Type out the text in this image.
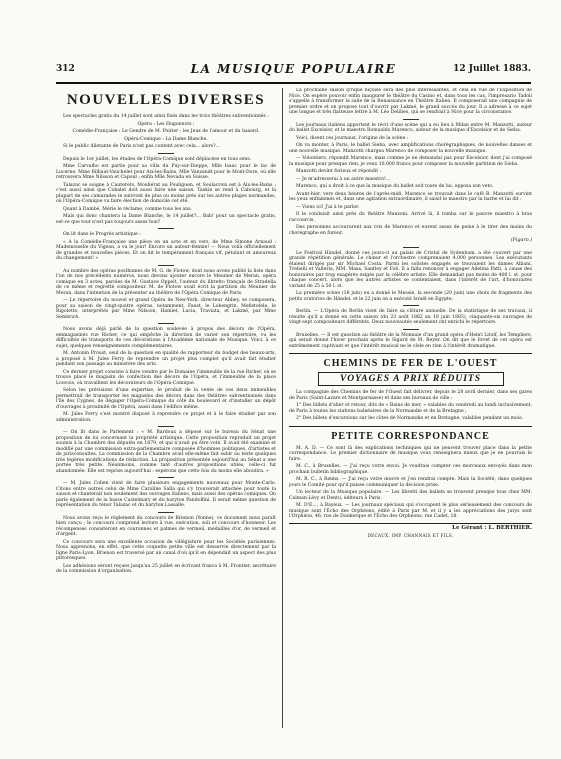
312	LA MUSIQUE POPULAIRE	12 Juillet 1883.
NOUVELLES DIVERSES

Les spectacles gratis du 14 juillet sont ainsi fixés dans les trois théâtres subventionnés :

Opéra : Les Huguenots ;

Comédie-Française : Le Gendre de M. Poirier ; les Jeux de l'amour et du hasard.

Opéra-Comique : La Dame Blanche.

Si le public diletante de Paris n'est pas content avec cela... alors?...

Depuis le 1er juillet, les études de l'Opéra-Comique sont déplacées en tous sens.

Mme Carvalho est partie pour sa villa du Puy-sur-Dieppe, Mlle Isaac pour le lac de Lucerne, Mme Bilbaut-Vauchelet pour Aix-les-Bains, Mlle Vanzandt pour le Mont-Dore, où elle retrouvera Mme Nilsson et Capoul ; enfin Mlle Nevada en Suisse.

Talazac se soigne à Cauterets, Mouliérat au Pouliguen, et Soulacroix est à Aix-les-Bains ; c'est aussi ainsi que Cobalet doit aussi faire une saison. Taskin se rend à Cabourg, et la plupart de ses camarades le suivront de plus ou moins près sur les autres plages normandes, où l'Opéra-Comique va faire élection de domicile cet été.

Quant à Dambé, Mérie le réclame, comme tous les ans.

Mais qui donc chantera la Dame Blanche, le 14 juillet?... Bah! pour un spectacle gratis, est-ce que tout n'est pas toujours assez bon?

On lit dans le Progrès artistique :

« A la Comédie-Française une pièce en un acte et en vers, de Mme Simone Arnaud : Mademoiselle du Vigean, a vu le jour! Encore un auteur-femme! — Nous voilà officiellement de grandes et nouvelles pièces. Et on dit le tempérament français vif, pétulant et amoureux du changement! »

Au nombre des opéras posthumes de M. G. de Flotow, dont nous avons publié la liste dans l'un de nos précédents numéros, nous devons ajouter encore le Meunier de Meran, opéra comique en 3 actes, paroles de M. Gustave Oppelt, l'auteur du libretto français de Stradella de ce même et regretté compositeur. M. de Flotow avait écrit la partition du Meunier de Meran, dans l'intention de la présenter au théâtre de l'Opéra Comique de Paris.

— Le répertoire du nouvel et grand Opéra de New-York, directeur Abbey, se composera, pour sa saison de vingt-quatre opéras, notamment, Faust, le Lohengrin, Mefistofele, le Rigoletto, interprétés par Mme Nilsson, Hamlet, Lucia, Traviata, et Lakmé, par Mme Sembrich.

Nous avons déjà parlé de la question soulevée à propos des décors de l'Opéra, emmagasinés rue Richer, ce qui empêche la direction de varier son répertoire, vu les difficultés de transports de ces décorations à l'Académie nationale de Musique. Voici, à ce sujet, quelques renseignements complémentaires.

M. Antonin Proust, seul de la question en qualité de rapporteur du budget des beaux-arts, a proposé à M. Jules Ferry de reprendre un projet plus complet qu'il avait fait étudier pendant son passage au ministère des arts.

Ce dernier projet consiste à faire vendre par le Domaine l'immeuble de la rue Richer, où se trouve placé le magasin de confection des décors de l'Opéra, et l'immeuble de la place Louvois, où travaillent les décorateurs de l'Opéra-Comique.

Selon les prévisions d'une expertise, le produit de la vente de ces deux immeubles permettrait de transporter les magasins des décors dans des théâtres subventionnés dans l'île des Cygnes, de dégager l'Opéra-Comique du côté du boulevard et d'installer un dépôt d'ouvrages à proximité de l'Opéra, aussi dans l'édifice même.

M. Jules Ferry s'est montré disposé à reprendre ce projet et à le faire étudier par son administration.

— On lit dans le Parlement : « M. Bardoux a déposé sur le bureau du Sénat une proposition de loi concernant la propriété artistique. Cette proposition reproduit un projet soumis à la Chambre des députés en 1879, et qui n'avait pu être voté. Il avait été examiné et modifié par une commission extra-parlementaire composée d'hommes politiques, d'artistes et de jurisconsultes. La commission de la Chambre avait elle-même fait subir au texte quelques très légères modifications de rédaction. La proposition présentée aujourd'hui au Sénat a une portée très petite. Néanmoins, comme tant d'autres propositions utiles, celle-ci fut abandonnée. Elle est reprise aujourd'hui : espérons que cette fois du moins elle aboutira. »

— M. Jules Cohen vient de faire plusieurs engagements nouveaux pour Monte-Carlo. Citons entre autres celui de Mme Caroline Salla qui s'y trouverait attachée pour toute la saison et chanterait non seulement des ouvrages italiens, mais aussi des opéras comiques. On parle également de la basse Castelmary et du baryton Pandolfini. Il serait même question de représentation du ténor Talazac et du baryton Lassalle.

Nous avons reçu le règlement du concours de Brienon (Yonne), ce document nous paraît bien conçu ; le concours comprend lecture à vue, exécution, soli et concours d'honneur. Les récompenses consisteront en couronnes et palmes de vermeil, médailles d'or, de vermeil et d'argent.

Ce concours sera une excellente occasion de villégiature pour les Sociétés parisiennes. Nous apprenons, en effet, que cette coquette petite ville est desservie directement par la ligne Paris-Lyon. Brienon est traversé par un canal d'où qu'il en dépendait un aspect des plus pittoresques.

Les adhésions seront reçues jusqu'au 25 juillet en écrivant franco à M. Frontier, secrétaire de la commission d'organisation.

La prochaine saison lyrique niçoise sera des plus intéressantes, et cela en vue de l'Exposition de Nice. On espère pouvoir enfin inaugurer le théâtre du Casino et, dans tous les cas, l'impresario Tadoli s'appelle à transformer la salle de la Renaissance en Théâtre Italien. Il composerait une compagnie de premier ordre et on propose tout d'ouvrir par Lakmé, le grand succès du jour. Il a adressé à ce sujet une longue et très flatteuse lettre à M. Léo Delibes, qui se rendrait à Nice pour la circonstance.

Les journaux italiens apportent le récit d'une scène qui a eu lieu à Milan entre M. Manzotti, auteur du ballet Excelsior, et le maestro Romualdo Marenco, auteur de la musique d'Excelsior et de Sieba.

Voici, disent ces journaux, l'origine de la scène :

On va monter, à Paris, le ballet Sieba, avec amplifications chorégraphiques, de nouvelles danses et une nouvelle musique. Manzotti chargea Marenco de composer la nouvelle musique.

— Volontiers, répondit Marenco, mais comme je ne demandai pas pour Excelsior, dont j'ai composé la musique pour presque rien, je veux 10,000 francs pour composer la nouvelle partition de Sieba.

Manzotti devint furieux et répondit :

— Je m'adresserai à un autre maestro!...

Marenco, qui a droit à ce que la musique du ballet soit toute de lui, opposa son veto.

Avant-hier, vers deux heures de l'après-midi, Marenco se trouvait dans le café B. Manzotti survint les yeux enflammés et, dans une agitation extraordinaire, il saisit le maestro par la barbe et lui dit :

— Viens ici! J'ai à te parler.

Il le conduisit ainsi près du théâtre Manzoni. Arrivé là, il tomba sur le pauvre maestro à bras raccourcis.

Des personnes accoururent aux cris de Marenco et eurent assez de peine à le tirer des mains du chorégraphe en fureur.

(Figaro.)

Le Festival Händel, donné ces jours-ci au palais de Cristal de Sydenham, a été couvert par une grande répétition générale. Le chœur et l'orchestre comprenaient 4,000 personnes. Les exécutants étaient dirigés par sir Michael Costa. Parmi les solistes engagés se trouvaient les dames Albani, Trebelli et Valleria, MM. Maas, Santley et Foli. Il a fallu renoncer à engager Adelina Patti, à cause des honoraires par trop exagérés exigés par la célèbre artiste. Elle demandait pas moins de 400 l. st. pour chaque concert, alors que les autres artistes se contentaient, dans l'intérêt de l'art, d'honoraires variant de 25 à 50 l. st.

La première scène (18 juin) eu a donné le Messie, la seconde (20 juin) une choix de fragments des petits oratorios de Händel, et le 22 juin on a exécuté Israël en Egypte.

Berlin. — L'Opéra de Berlin vient de faire sa clôture annuelle. De la statistique de ses travaux, il résulte qu'il a donné en cette saison (du 23 août 1882 au 18 juin 1883), cinquante-six ouvrages de vingt-sept compositeurs différents. Deux nouveautés seulement ont enrichi le répertoire.

Bruxelles. — Il est question au théâtre de la Monnaie d'un grand opéra d'Henri Litolf, les Templiers, qui serait donné l'hiver prochain après le Sigurd de M. Reyer. On dit que le livret de cet opéra est extrêmement captivant et que l'intérêt musical ne le cède en rien à l'intérêt dramatique.

CHEMINS DE FER DE L'OUEST
VOYAGES A PRIX RÉDUITS

La compagnie des Chemins de fer de l'Ouest fait délivrer, depuis le 28 avril dernier, dans ses gares de Paris (Saint-Lazare et Montparnasse) et dans ses bureaux de ville :

1° Des billets d'aller et retour, dits de « Bains de mer, » valables du vendredi au lundi inclusivement, de Paris à toutes les stations balnéaires de la Normandie et de la Bretagne ;

2° Des billets d'excursions sur les côtes de Normandie et en Bretagne, valables pendant un mois.

PETITE CORRESPONDANCE

M. A. D. — Ce sont là des explications techniques qui ne peuvent trouver place dans la petite correspondance. Le premier dictionnaire de musique vous renseignera mieux que je ne pourrais le faire.

M. C., à Bruxelles. — J'ai reçu votre envoi. Je voudrais compter ces morceaux envoyés dans mon prochain bulletin bibliographique.

M. R. C., à Reims. — J'ai reçu votre œuvre et j'en rendrai compte. Mais la Société, dans quelques jours le Comité pour qu'il puisse communiquer la décision prise.

Un lecteur de la Musique populaire. — Les libretti des ballets se trouvent presque tous chez MM. Calman-Lévy et Dentu, éditeurs à Paris.

M. D'E..., à Bayeux. — Les journaux spéciaux qui s'occupent le plus sérieusement des concours de musique sont l'Écho des Orphéons, édité à Paris par M. et il y a les appréciations des jurys sont l'Orphéon, 46, rue de Dunkerque et l'Écho des Orphéons, rue Cadet, 18.

Le Gérant : L. BERTHIER.

DECAUX. IMP. CHANNAIS ET FILS.
